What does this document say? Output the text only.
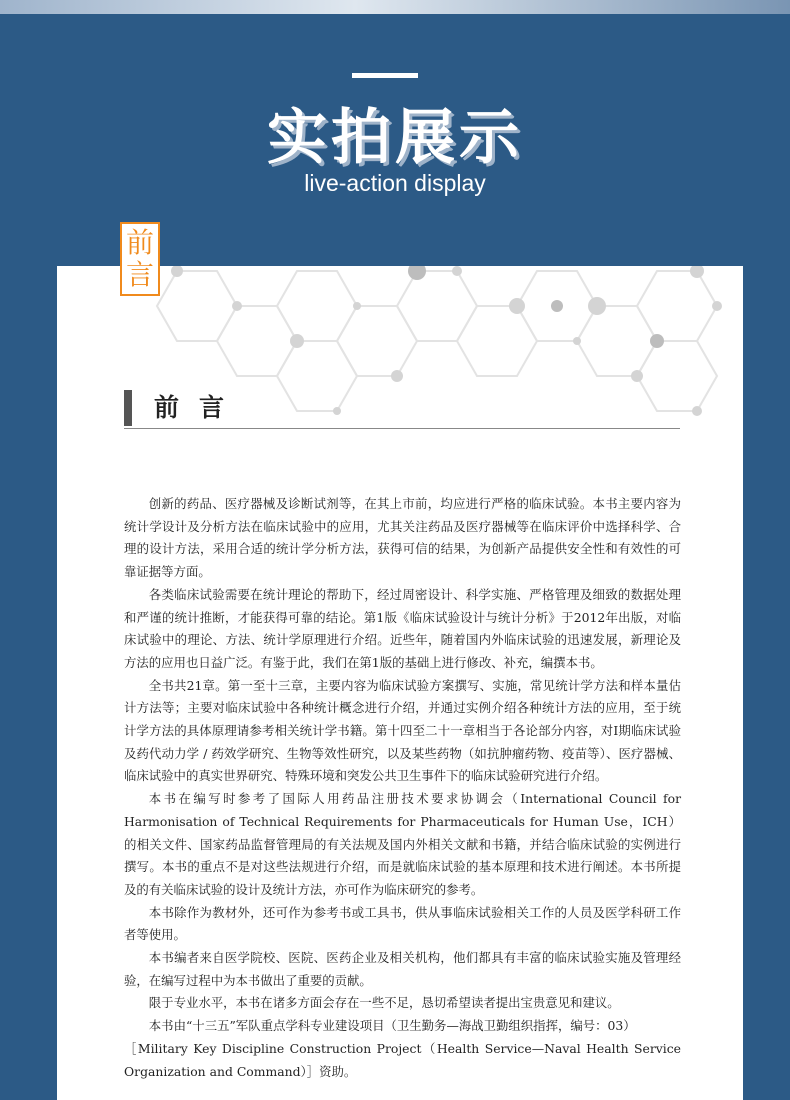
实拍展示
live-action display
前
言
前言

创新的药品、医疗器械及诊断试剂等，在其上市前，均应进行严格的临床试验。本书主要内容为统计学设计及分析方法在临床试验中的应用，尤其关注药品及医疗器械等在临床评价中选择科学、合理的设计方法，采用合适的统计学分析方法，获得可信的结果，为创新产品提供安全性和有效性的可靠证据等方面。

各类临床试验需要在统计理论的帮助下，经过周密设计、科学实施、严格管理及细致的数据处理和严谨的统计推断，才能获得可靠的结论。第1版《临床试验设计与统计分析》于2012年出版，对临床试验中的理论、方法、统计学原理进行介绍。近些年，随着国内外临床试验的迅速发展，新理论及方法的应用也日益广泛。有鉴于此，我们在第1版的基础上进行修改、补充，编撰本书。

全书共21章。第一至十三章，主要内容为临床试验方案撰写、实施，常见统计学方法和样本量估计方法等；主要对临床试验中各种统计概念进行介绍，并通过实例介绍各种统计方法的应用，至于统计学方法的具体原理请参考相关统计学书籍。第十四至二十一章相当于各论部分内容，对Ⅰ期临床试验及药代动力学 / 药效学研究、生物等效性研究，以及某些药物（如抗肿瘤药物、疫苗等）、医疗器械、临床试验中的真实世界研究、特殊环境和突发公共卫生事件下的临床试验研究进行介绍。

本书在编写时参考了国际人用药品注册技术要求协调会（International Council for Harmonisation of Technical Requirements for Pharmaceuticals for Human Use，ICH）的相关文件、国家药品监督管理局的有关法规及国内外相关文献和书籍，并结合临床试验的实例进行撰写。本书的重点不是对这些法规进行介绍，而是就临床试验的基本原理和技术进行阐述。本书所提及的有关临床试验的设计及统计方法，亦可作为临床研究的参考。

本书除作为教材外，还可作为参考书或工具书，供从事临床试验相关工作的人员及医学科研工作者等使用。

本书编者来自医学院校、医院、医药企业及相关机构，他们都具有丰富的临床试验实施及管理经验，在编写过程中为本书做出了重要的贡献。

限于专业水平，本书在诸多方面会存在一些不足，恳切希望读者提出宝贵意见和建议。

本书由“十三五”军队重点学科专业建设项目（卫生勤务—海战卫勤组织指挥，编号：03）

［Military Key Discipline Construction Project（Health Service—Naval Health Service Organization and Command）］资助。
